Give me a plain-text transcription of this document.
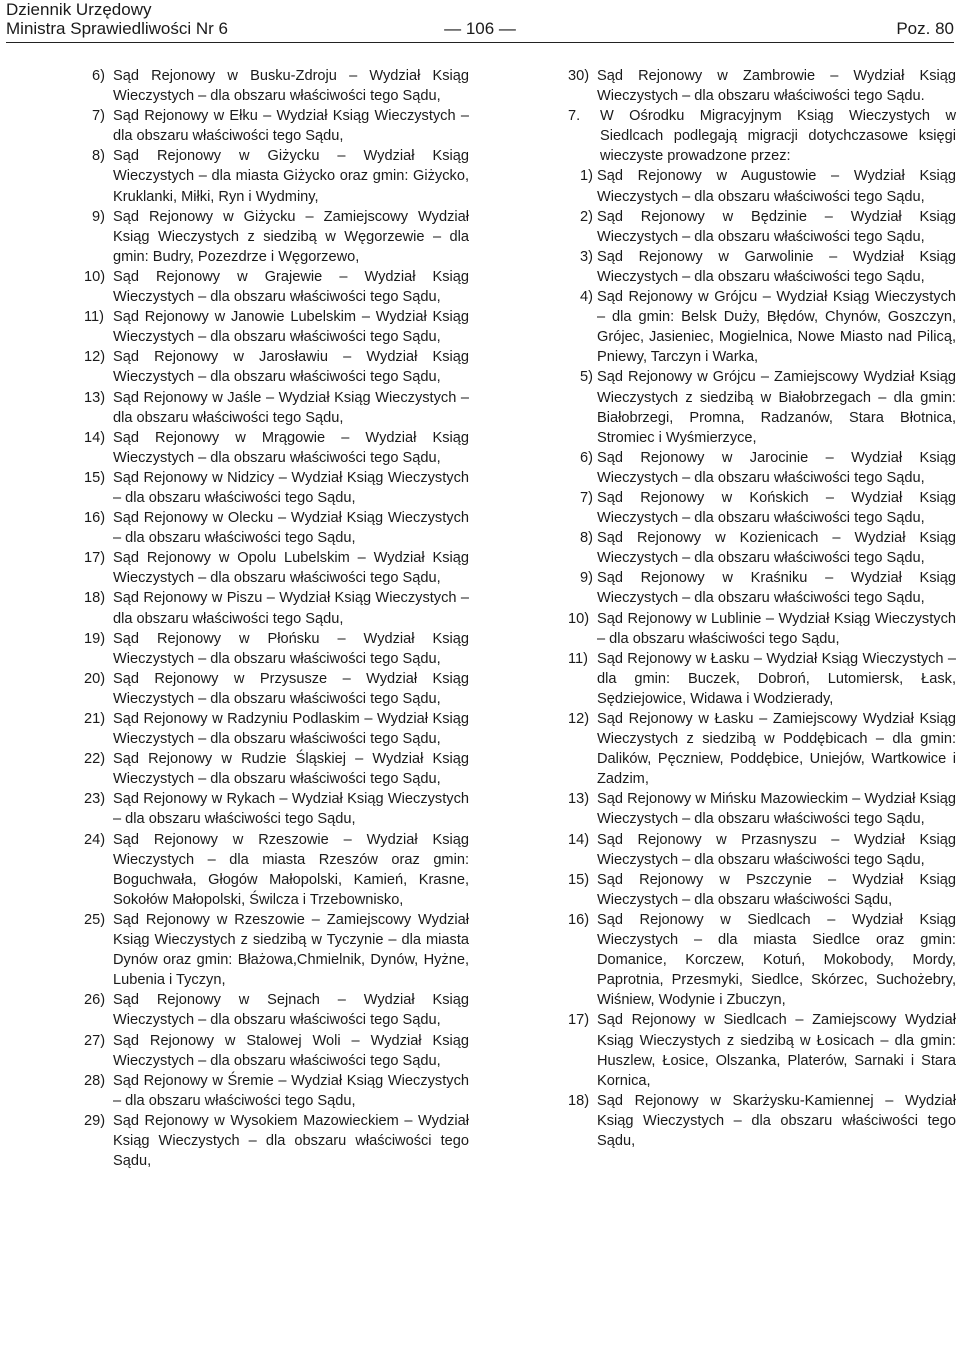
Dziennik Urzędowy
Ministra Sprawiedliwości Nr 6	— 106 —	Poz. 80
6) Sąd Rejonowy w Busku-Zdroju – Wydział Ksiąg Wieczystych – dla obszaru właściwości tego Sądu,
7) Sąd Rejonowy w Ełku – Wydział Ksiąg Wieczystych – dla obszaru właściwości tego Sądu,
8) Sąd Rejonowy w Giżycku – Wydział Ksiąg Wieczystych – dla miasta Giżycko oraz gmin: Giżycko, Kruklanki, Miłki, Ryn i Wydminy,
9) Sąd Rejonowy w Giżycku – Zamiejscowy Wydział Ksiąg Wieczystych z siedzibą w Węgorzewie – dla gmin: Budry, Pozezdrze i Węgorzewo,
10) Sąd Rejonowy w Grajewie – Wydział Ksiąg Wieczystych – dla obszaru właściwości tego Sądu,
11) Sąd Rejonowy w Janowie Lubelskim – Wydział Ksiąg Wieczystych – dla obszaru właściwości tego Sądu,
12) Sąd Rejonowy w Jarosławiu – Wydział Ksiąg Wieczystych – dla obszaru właściwości tego Sądu,
13) Sąd Rejonowy w Jaśle – Wydział Ksiąg Wieczystych – dla obszaru właściwości tego Sądu,
14) Sąd Rejonowy w Mrągowie – Wydział Ksiąg Wieczystych – dla obszaru właściwości tego Sądu,
15) Sąd Rejonowy w Nidzicy – Wydział Ksiąg Wieczystych – dla obszaru właściwości tego Sądu,
16) Sąd Rejonowy w Olecku – Wydział Ksiąg Wieczystych – dla obszaru właściwości tego Sądu,
17) Sąd Rejonowy w Opolu Lubelskim – Wydział Ksiąg Wieczystych – dla obszaru właściwości tego Sądu,
18) Sąd Rejonowy w Piszu – Wydział Ksiąg Wieczystych – dla obszaru właściwości tego Sądu,
19) Sąd Rejonowy w Płońsku – Wydział Ksiąg Wieczystych – dla obszaru właściwości tego Sądu,
20) Sąd Rejonowy w Przysusze – Wydział Ksiąg Wieczystych – dla obszaru właściwości tego Sądu,
21) Sąd Rejonowy w Radzyniu Podlaskim – Wydział Ksiąg Wieczystych – dla obszaru właściwości tego Sądu,
22) Sąd Rejonowy w Rudzie Śląskiej – Wydział Ksiąg Wieczystych – dla obszaru właściwości tego Sądu,
23) Sąd Rejonowy w Rykach – Wydział Ksiąg Wieczystych – dla obszaru właściwości tego Sądu,
24) Sąd Rejonowy w Rzeszowie – Wydział Ksiąg Wieczystych – dla miasta Rzeszów oraz gmin: Boguchwała, Głogów Małopolski, Kamień, Krasne, Sokołów Małopolski, Świlcza i Trzebownisko,
25) Sąd Rejonowy w Rzeszowie – Zamiejscowy Wydział Ksiąg Wieczystych z siedzibą w Tyczynie – dla miasta Dynów oraz gmin: Błażowa,Chmielnik, Dynów, Hyżne, Lubenia i Tyczyn,
26) Sąd Rejonowy w Sejnach – Wydział Ksiąg Wieczystych – dla obszaru właściwości tego Sądu,
27) Sąd Rejonowy w Stalowej Woli – Wydział Ksiąg Wieczystych – dla obszaru właściwości tego Sądu,
28) Sąd Rejonowy w Śremie – Wydział Ksiąg Wieczystych – dla obszaru właściwości tego Sądu,
29) Sąd Rejonowy w Wysokiem Mazowieckiem – Wydział Ksiąg Wieczystych – dla obszaru właściwości tego Sądu,
30) Sąd Rejonowy w Zambrowie – Wydział Ksiąg Wieczystych – dla obszaru właściwości tego Sądu.
7. W Ośrodku Migracyjnym Ksiąg Wieczystych w Siedlcach podlegają migracji dotychczasowe księgi wieczyste prowadzone przez:
1) Sąd Rejonowy w Augustowie – Wydział Ksiąg Wieczystych – dla obszaru właściwości tego Sądu,
2) Sąd Rejonowy w Będzinie – Wydział Ksiąg Wieczystych – dla obszaru właściwości tego Sądu,
3) Sąd Rejonowy w Garwolinie – Wydział Ksiąg Wieczystych – dla obszaru właściwości tego Sądu,
4) Sąd Rejonowy w Grójcu – Wydział Ksiąg Wieczystych – dla gmin: Belsk Duży, Błędów, Chynów, Goszczyn, Grójec, Jasieniec, Mogielnica, Nowe Miasto nad Pilicą, Pniewy, Tarczyn i Warka,
5) Sąd Rejonowy w Grójcu – Zamiejscowy Wydział Ksiąg Wieczystych z siedzibą w Białobrzegach – dla gmin: Białobrzegi, Promna, Radzanów, Stara Błotnica, Stromiec i Wyśmierzyce,
6) Sąd Rejonowy w Jarocinie – Wydział Ksiąg Wieczystych – dla obszaru właściwości tego Sądu,
7) Sąd Rejonowy w Końskich – Wydział Ksiąg Wieczystych – dla obszaru właściwości tego Sądu,
8) Sąd Rejonowy w Kozienicach – Wydział Ksiąg Wieczystych – dla obszaru właściwości tego Sądu,
9) Sąd Rejonowy w Kraśniku – Wydział Ksiąg Wieczystych – dla obszaru właściwości tego Sądu,
10) Sąd Rejonowy w Lublinie – Wydział Ksiąg Wieczystych – dla obszaru właściwości tego Sądu,
11) Sąd Rejonowy w Łasku – Wydział Ksiąg Wieczystych – dla gmin: Buczek, Dobroń, Lutomiersk, Łask, Sędziejowice, Widawa i Wodzierady,
12) Sąd Rejonowy w Łasku – Zamiejscowy Wydział Ksiąg Wieczystych z siedzibą w Poddębicach – dla gmin: Dalików, Pęczniew, Poddębice, Uniejów, Wartkowice i Zadzim,
13) Sąd Rejonowy w Mińsku Mazowieckim – Wydział Ksiąg Wieczystych – dla obszaru właściwości tego Sądu,
14) Sąd Rejonowy w Przasnyszu – Wydział Ksiąg Wieczystych – dla obszaru właściwości tego Sądu,
15) Sąd Rejonowy w Pszczynie – Wydział Ksiąg Wieczystych – dla obszaru właściwości Sądu,
16) Sąd Rejonowy w Siedlcach – Wydział Ksiąg Wieczystych – dla miasta Siedlce oraz gmin: Domanice, Korczew, Kotuń, Mokobody, Mordy, Paprotnia, Przesmyki, Siedlce, Skórzec, Suchożebry, Wiśniew, Wodynie i Zbuczyn,
17) Sąd Rejonowy w Siedlcach – Zamiejscowy Wydział Ksiąg Wieczystych z siedzibą w Łosicach – dla gmin: Huszlew, Łosice, Olszanka, Platerów, Sarnaki i Stara Kornica,
18) Sąd Rejonowy w Skarżysku-Kamiennej – Wydział Ksiąg Wieczystych – dla obszaru właściwości tego Sądu,
